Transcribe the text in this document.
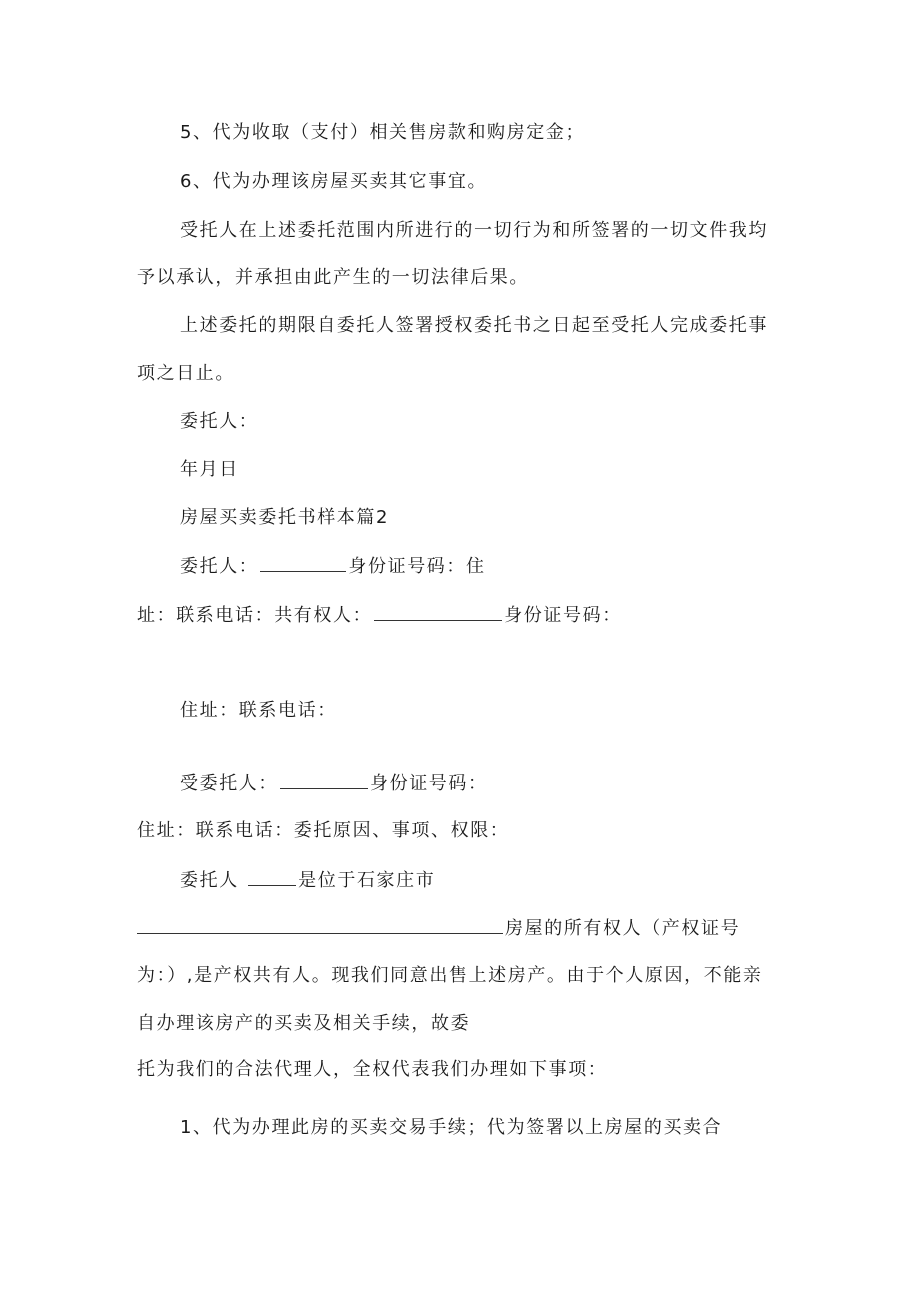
5、代为收取（支付）相关售房款和购房定金；
6、代为办理该房屋买卖其它事宜。
受托人在上述委托范围内所进行的一切行为和所签署的一切文件我均
予以承认，并承担由此产生的一切法律后果。
上述委托的期限自委托人签署授权委托书之日起至受托人完成委托事
项之日止。
委托人：
年月日
房屋买卖委托书样本篇2
委托人：	身份证号码：住
址：联系电话：共有权人：	身份证号码：
住址：联系电话：
受委托人：	身份证号码：
住址：联系电话：委托原因、事项、权限：
委托人	是位于石家庄市
房屋的所有权人（产权证号
为：）,是产权共有人。现我们同意出售上述房产。由于个人原因，不能亲
自办理该房产的买卖及相关手续，故委
托为我们的合法代理人，全权代表我们办理如下事项：
1、代为办理此房的买卖交易手续；代为签署以上房屋的买卖合
